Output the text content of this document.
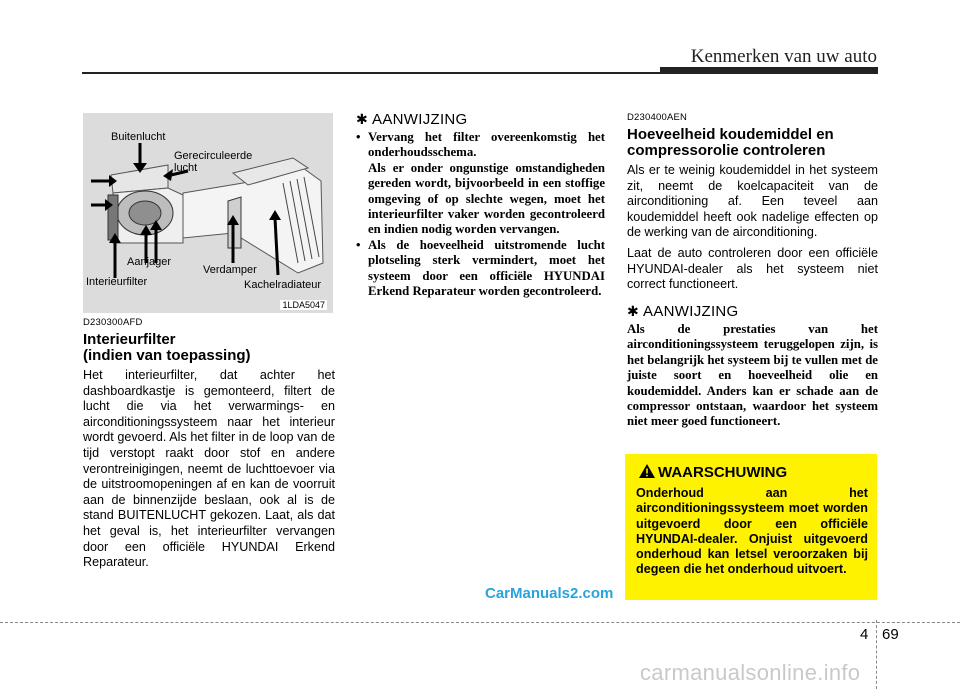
Kenmerken van uw auto
Buitenlucht
Gerecirculeerde
lucht
Aanjager
Verdamper
Interieurfilter	Kachelradiateur
1LDA5047
D230300AFD
Interieurfilter
(indien van toepassing)
Het interieurfilter, dat achter het dashboardkastje is gemonteerd, filtert de lucht die via het verwarmings- en airconditioningssysteem naar het interieur wordt gevoerd. Als het filter in de loop van de tijd verstopt raakt door stof en andere verontreinigingen, neemt de luchttoevoer via de uitstroomopeningen af en kan de voorruit aan de binnenzijde beslaan, ook al is de stand BUITENLUCHT gekozen. Laat, als dat het geval is, het interieurfilter vervangen door een officiële HYUNDAI Erkend Reparateur.
✱ AANWIJZING
• Vervang het filter overeenkomstig het onderhoudsschema.
Als er onder ongunstige omstandigheden gereden wordt, bijvoorbeeld in een stoffige omgeving of op slechte wegen, moet het interieurfilter vaker worden gecontroleerd en indien nodig worden vervangen.
• Als de hoeveelheid uitstromende lucht plotseling sterk vermindert, moet het systeem door een officiële HYUNDAI Erkend Reparateur worden gecontroleerd.
D230400AEN
Hoeveelheid koudemiddel en
compressorolie controleren

Als er te weinig koudemiddel in het systeem zit, neemt de koelcapaciteit van de airconditioning af. Een teveel aan koudemiddel heeft ook nadelige effecten op de werking van de airconditioning.

Laat de auto controleren door een officiële HYUNDAI-dealer als het systeem niet correct functioneert.

✱ AANWIJZING
Als de prestaties van het airconditioningssysteem teruggelopen zijn, is het belangrijk het systeem bij te vullen met de juiste soort en hoeveelheid olie en koudemiddel. Anders kan er schade aan de compressor ontstaan, waardoor het systeem niet meer goed functioneert.
WAARSCHUWING
Onderhoud aan het airconditioningssysteem moet worden uitgevoerd door een officiële HYUNDAI-dealer. Onjuist uitgevoerd onderhoud kan letsel veroorzaken bij degeen die het onderhoud uitvoert.
CarManuals2.com
4 69
carmanualsonline.info
